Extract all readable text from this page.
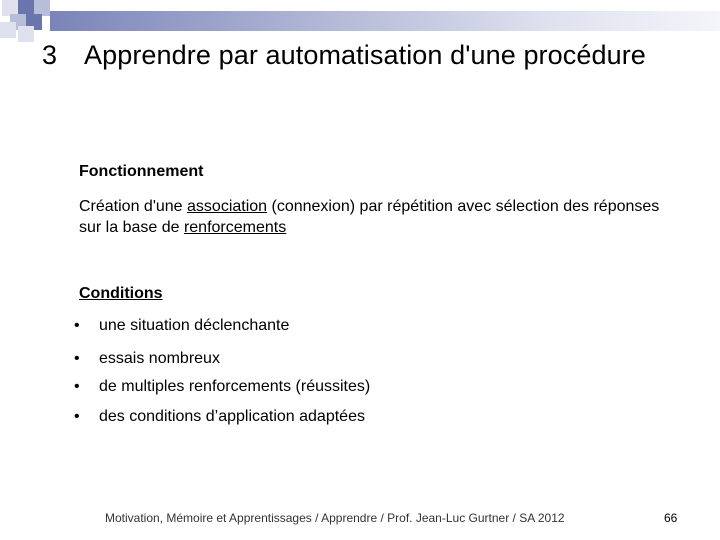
3 Apprendre par automatisation d'une procédure
Fonctionnement
Création d'une association (connexion) par répétition avec sélection des réponses sur la base de renforcements
Conditions
• une situation déclenchante
• essais nombreux
• de multiples renforcements (réussites)
• des conditions d’application adaptées
Motivation, Mémoire et Apprentissages / Apprendre / Prof. Jean-Luc Gurtner / SA 2012	66
